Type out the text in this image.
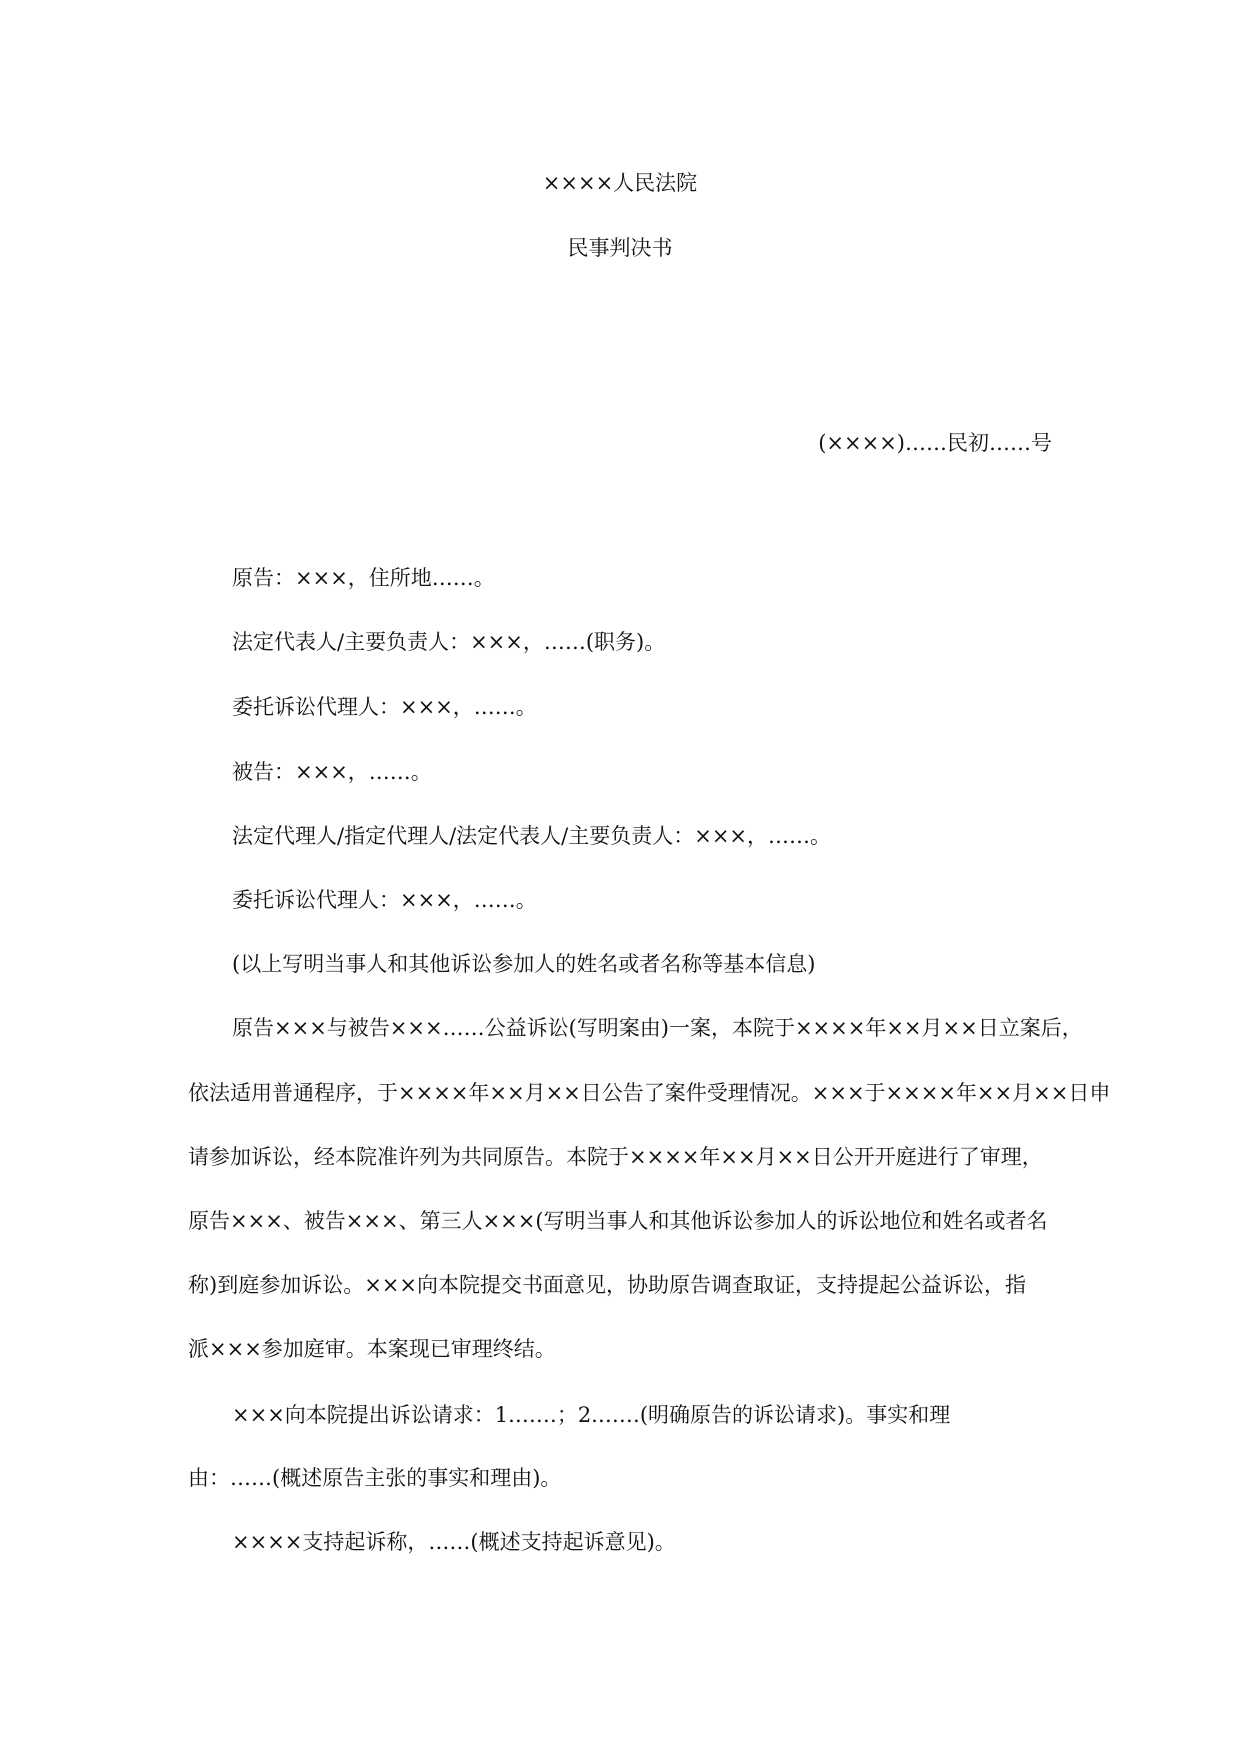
××××人民法院
民事判决书
(××××)……民初……号
原告：×××，住所地……。
法定代表人/主要负责人：×××，……(职务)。
委托诉讼代理人：×××，……。
被告：×××，……。
法定代理人/指定代理人/法定代表人/主要负责人：×××，……。
委托诉讼代理人：×××，……。
(以上写明当事人和其他诉讼参加人的姓名或者名称等基本信息)
原告×××与被告×××……公益诉讼(写明案由)一案，本院于××××年××月××日立案后，
依法适用普通程序，于××××年××月××日公告了案件受理情况。×××于××××年××月××日申
请参加诉讼，经本院准许列为共同原告。本院于××××年××月××日公开开庭进行了审理，
原告×××、被告×××、第三人×××(写明当事人和其他诉讼参加人的诉讼地位和姓名或者名
称)到庭参加诉讼。×××向本院提交书面意见，协助原告调查取证，支持提起公益诉讼，指
派×××参加庭审。本案现已审理终结。
×××向本院提出诉讼请求：1.……；2.……(明确原告的诉讼请求)。事实和理
由：……(概述原告主张的事实和理由)。
××××支持起诉称，……(概述支持起诉意见)。
